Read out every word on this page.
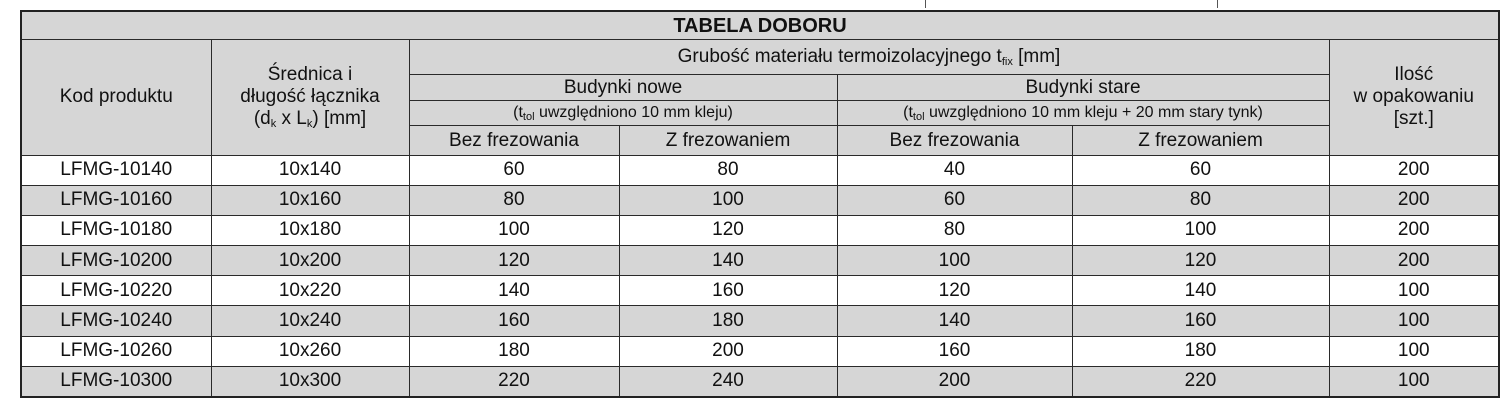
TABELA DOBORU						
Kod produktu	Średnica i
długość łącznika
($d_k$ x $L_k$) [mm]	Grubość materiału termoizolacyjnego $t_{fix}$ [mm]				Ilość
w opakowaniu
[szt.]

		Budynki nowe		Budynki stare		
		($t_{tol}$ uwzględniono 10 mm kleju)		($t_{tol}$ uwzględniono 10 mm kleju + 20 mm stary tynk)		
		Bez frezowania	Z frezowaniem	Bez frezowania	Z frezowaniem	
LFMG-10140	10x140	60	80	40	60	200
LFMG-10160	10x160	80	100	60	80	200
LFMG-10180	10x180	100	120	80	100	200
LFMG-10200	10x200	120	140	100	120	200
LFMG-10220	10x220	140	160	120	140	100
LFMG-10240	10x240	160	180	140	160	100
LFMG-10260	10x260	180	200	160	180	100
LFMG-10300	10x300	220	240	200	220	100
